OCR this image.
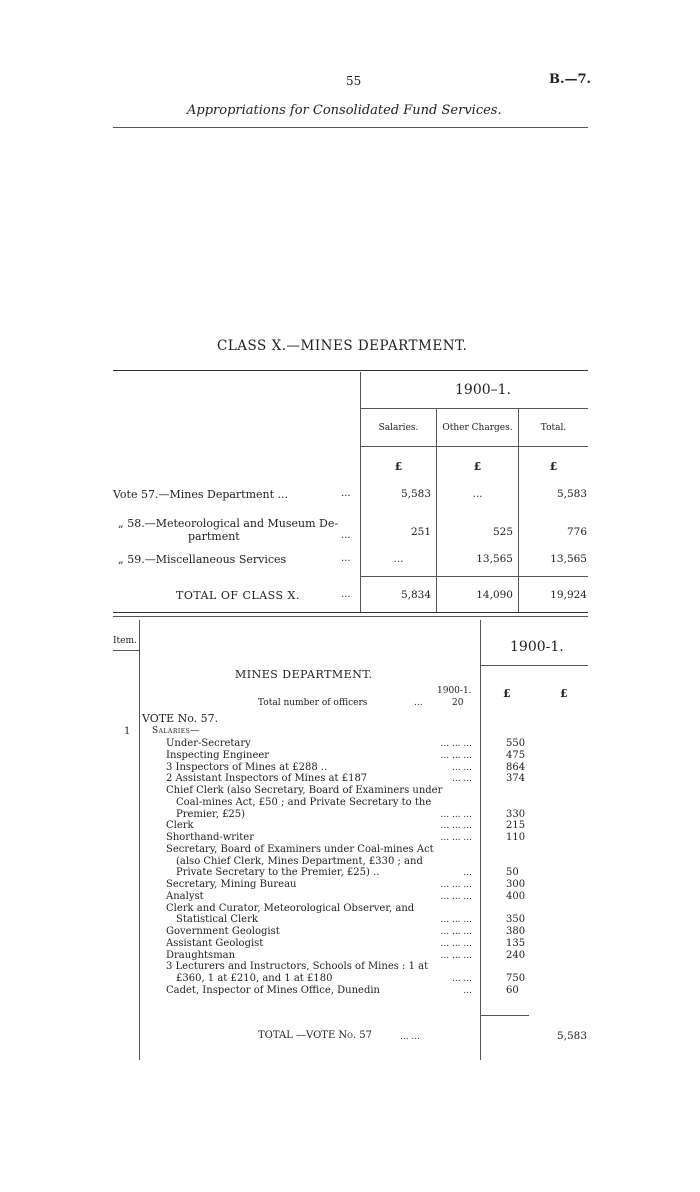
55	B.—7.
Appropriations for Consolidated Fund Services.
CLASS X.—MINES DEPARTMENT.
1900–1.
Salaries.	Other Charges.	Total.
£	£	£
Vote 57.—Mines Department ...	...	5,583	...	5,583
„ 58.—Meteorological and Museum De-
partment	...	251	525	776
„ 59.—Miscellaneous Services	...	...	13,565	13,565
TOTAL OF CLASS X.	...	5,834	14,090	19,924
Item.	1900-1.
MINES DEPARTMENT.
1900-1.
Total number of officers	...	20
£	£
VOTE No. 57.
1 Salaries—
Under-Secretary	... ... ...	550
Inspecting Engineer	... ... ...	475
3 Inspectors of Mines at £288 ..	... ...	864
2 Assistant Inspectors of Mines at £187	... ...	374
Chief Clerk (also Secretary, Board of Examiners under
Coal-mines Act, £50 ; and Private Secretary to the
Premier, £25)	... ... ...	330
Clerk	... ... ...	215
Shorthand-writer	... ... ...	110
Secretary, Board of Examiners under Coal-mines Act
(also Chief Clerk, Mines Department, £330 ; and
Private Secretary to the Premier, £25) ..	...	50
Secretary, Mining Bureau	... ... ...	300
Analyst	... ... ...	400
Clerk and Curator, Meteorological Observer, and
Statistical Clerk	... ... ...	350
Government Geologist	... ... ...	380
Assistant Geologist	... ... ...	135
Draughtsman	... ... ...	240
3 Lecturers and Instructors, Schools of Mines : 1 at
£360, 1 at £210, and 1 at £180	... ...	750
Cadet, Inspector of Mines Office, Dunedin	...	60
TOTAL —VOTE No. 57	... ...	5,583
